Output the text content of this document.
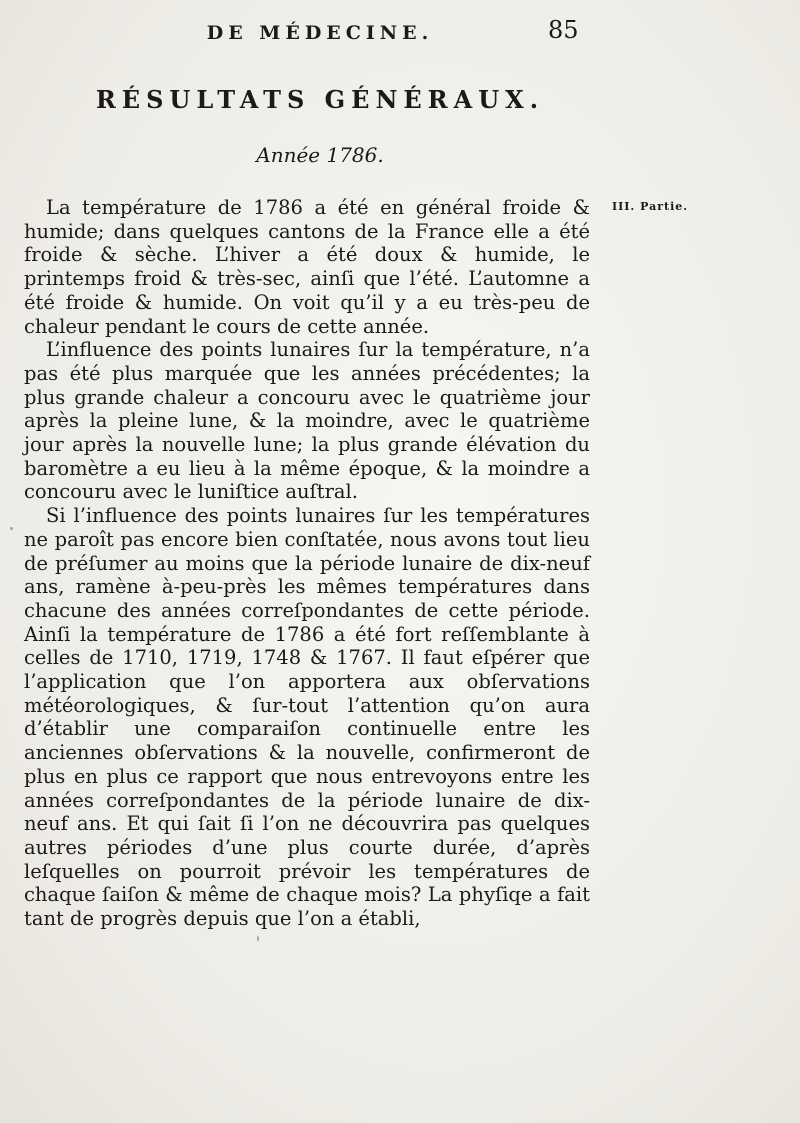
DE MÉDECINE.	85
RÉSULTATS GÉNÉRAUX.
Année 1786.
III. Partie.

La température de 1786 a été en général froide & humide; dans quelques cantons de la France elle a été froide & sèche. L’hiver a été doux & humide, le printemps froid & très-sec, ainſi que l’été. L’automne a été froide & humide. On voit qu’il y a eu très-peu de chaleur pendant le cours de cette année.

L’influence des points lunaires ſur la température, n’a pas été plus marquée que les années précédentes; la plus grande chaleur a concouru avec le quatrième jour après la pleine lune, & la moindre, avec le quatrième jour après la nouvelle lune; la plus grande élévation du baromètre a eu lieu à la même époque, & la moindre a concouru avec le luniſtice auſtral.

Si l’influence des points lunaires ſur les températures ne paroît pas encore bien conſtatée, nous avons tout lieu de préſumer au moins que la période lunaire de dix-neuf ans, ramène à-peu-près les mêmes températures dans chacune des années correſpondantes de cette période. Ainſi la température de 1786 a été fort reſſemblante à celles de 1710, 1719, 1748 & 1767. Il faut eſpérer que l’application que l’on apportera aux obſervations météorologiques, & ſur-tout l’attention qu’on aura d’établir une comparaiſon continuelle entre les anciennes obſervations & la nouvelle, confirmeront de plus en plus ce rapport que nous entrevoyons entre les années correſpondantes de la période lunaire de dix-neuf ans. Et qui ſait ſi l’on ne découvrira pas quelques autres périodes d’une plus courte durée, d’après leſquelles on pourroit prévoir les températures de chaque ſaiſon & même de chaque mois? La phyſiqe a fait tant de progrès depuis que l’on a établi,
